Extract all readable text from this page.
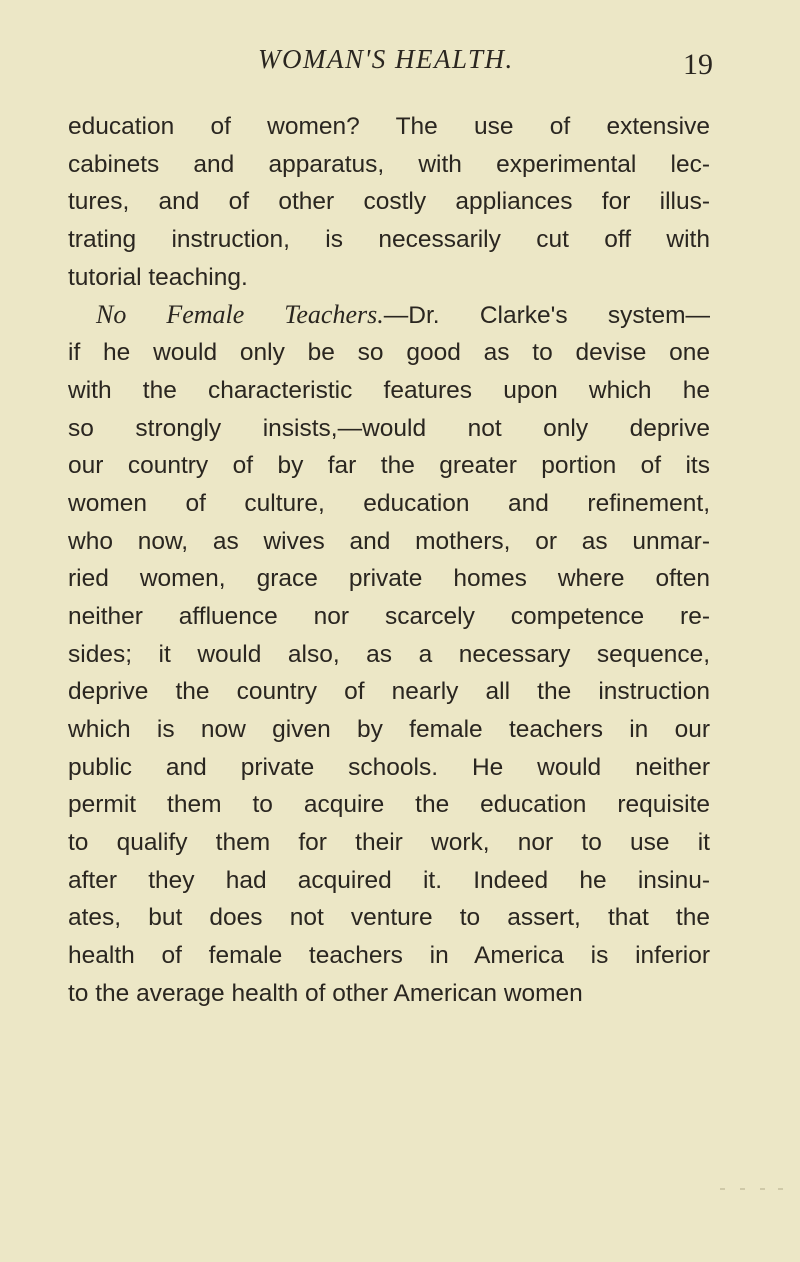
WOMAN'S HEALTH.	19
education of women? The use of extensive
cabinets and apparatus, with experimental lec-
tures, and of other costly appliances for illus-
trating instruction, is necessarily cut off with
tutorial teaching.
No Female Teachers.—Dr. Clarke's system—
if he would only be so good as to devise one
with the characteristic features upon which he
so strongly insists,—would not only deprive
our country of by far the greater portion of its
women of culture, education and refinement,
who now, as wives and mothers, or as unmar-
ried women, grace private homes where often
neither affluence nor scarcely competence re-
sides; it would also, as a necessary sequence,
deprive the country of nearly all the instruction
which is now given by female teachers in our
public and private schools. He would neither
permit them to acquire the education requisite
to qualify them for their work, nor to use it
after they had acquired it. Indeed he insinu-
ates, but does not venture to assert, that the
health of female teachers in America is inferior
to the average health of other American women
